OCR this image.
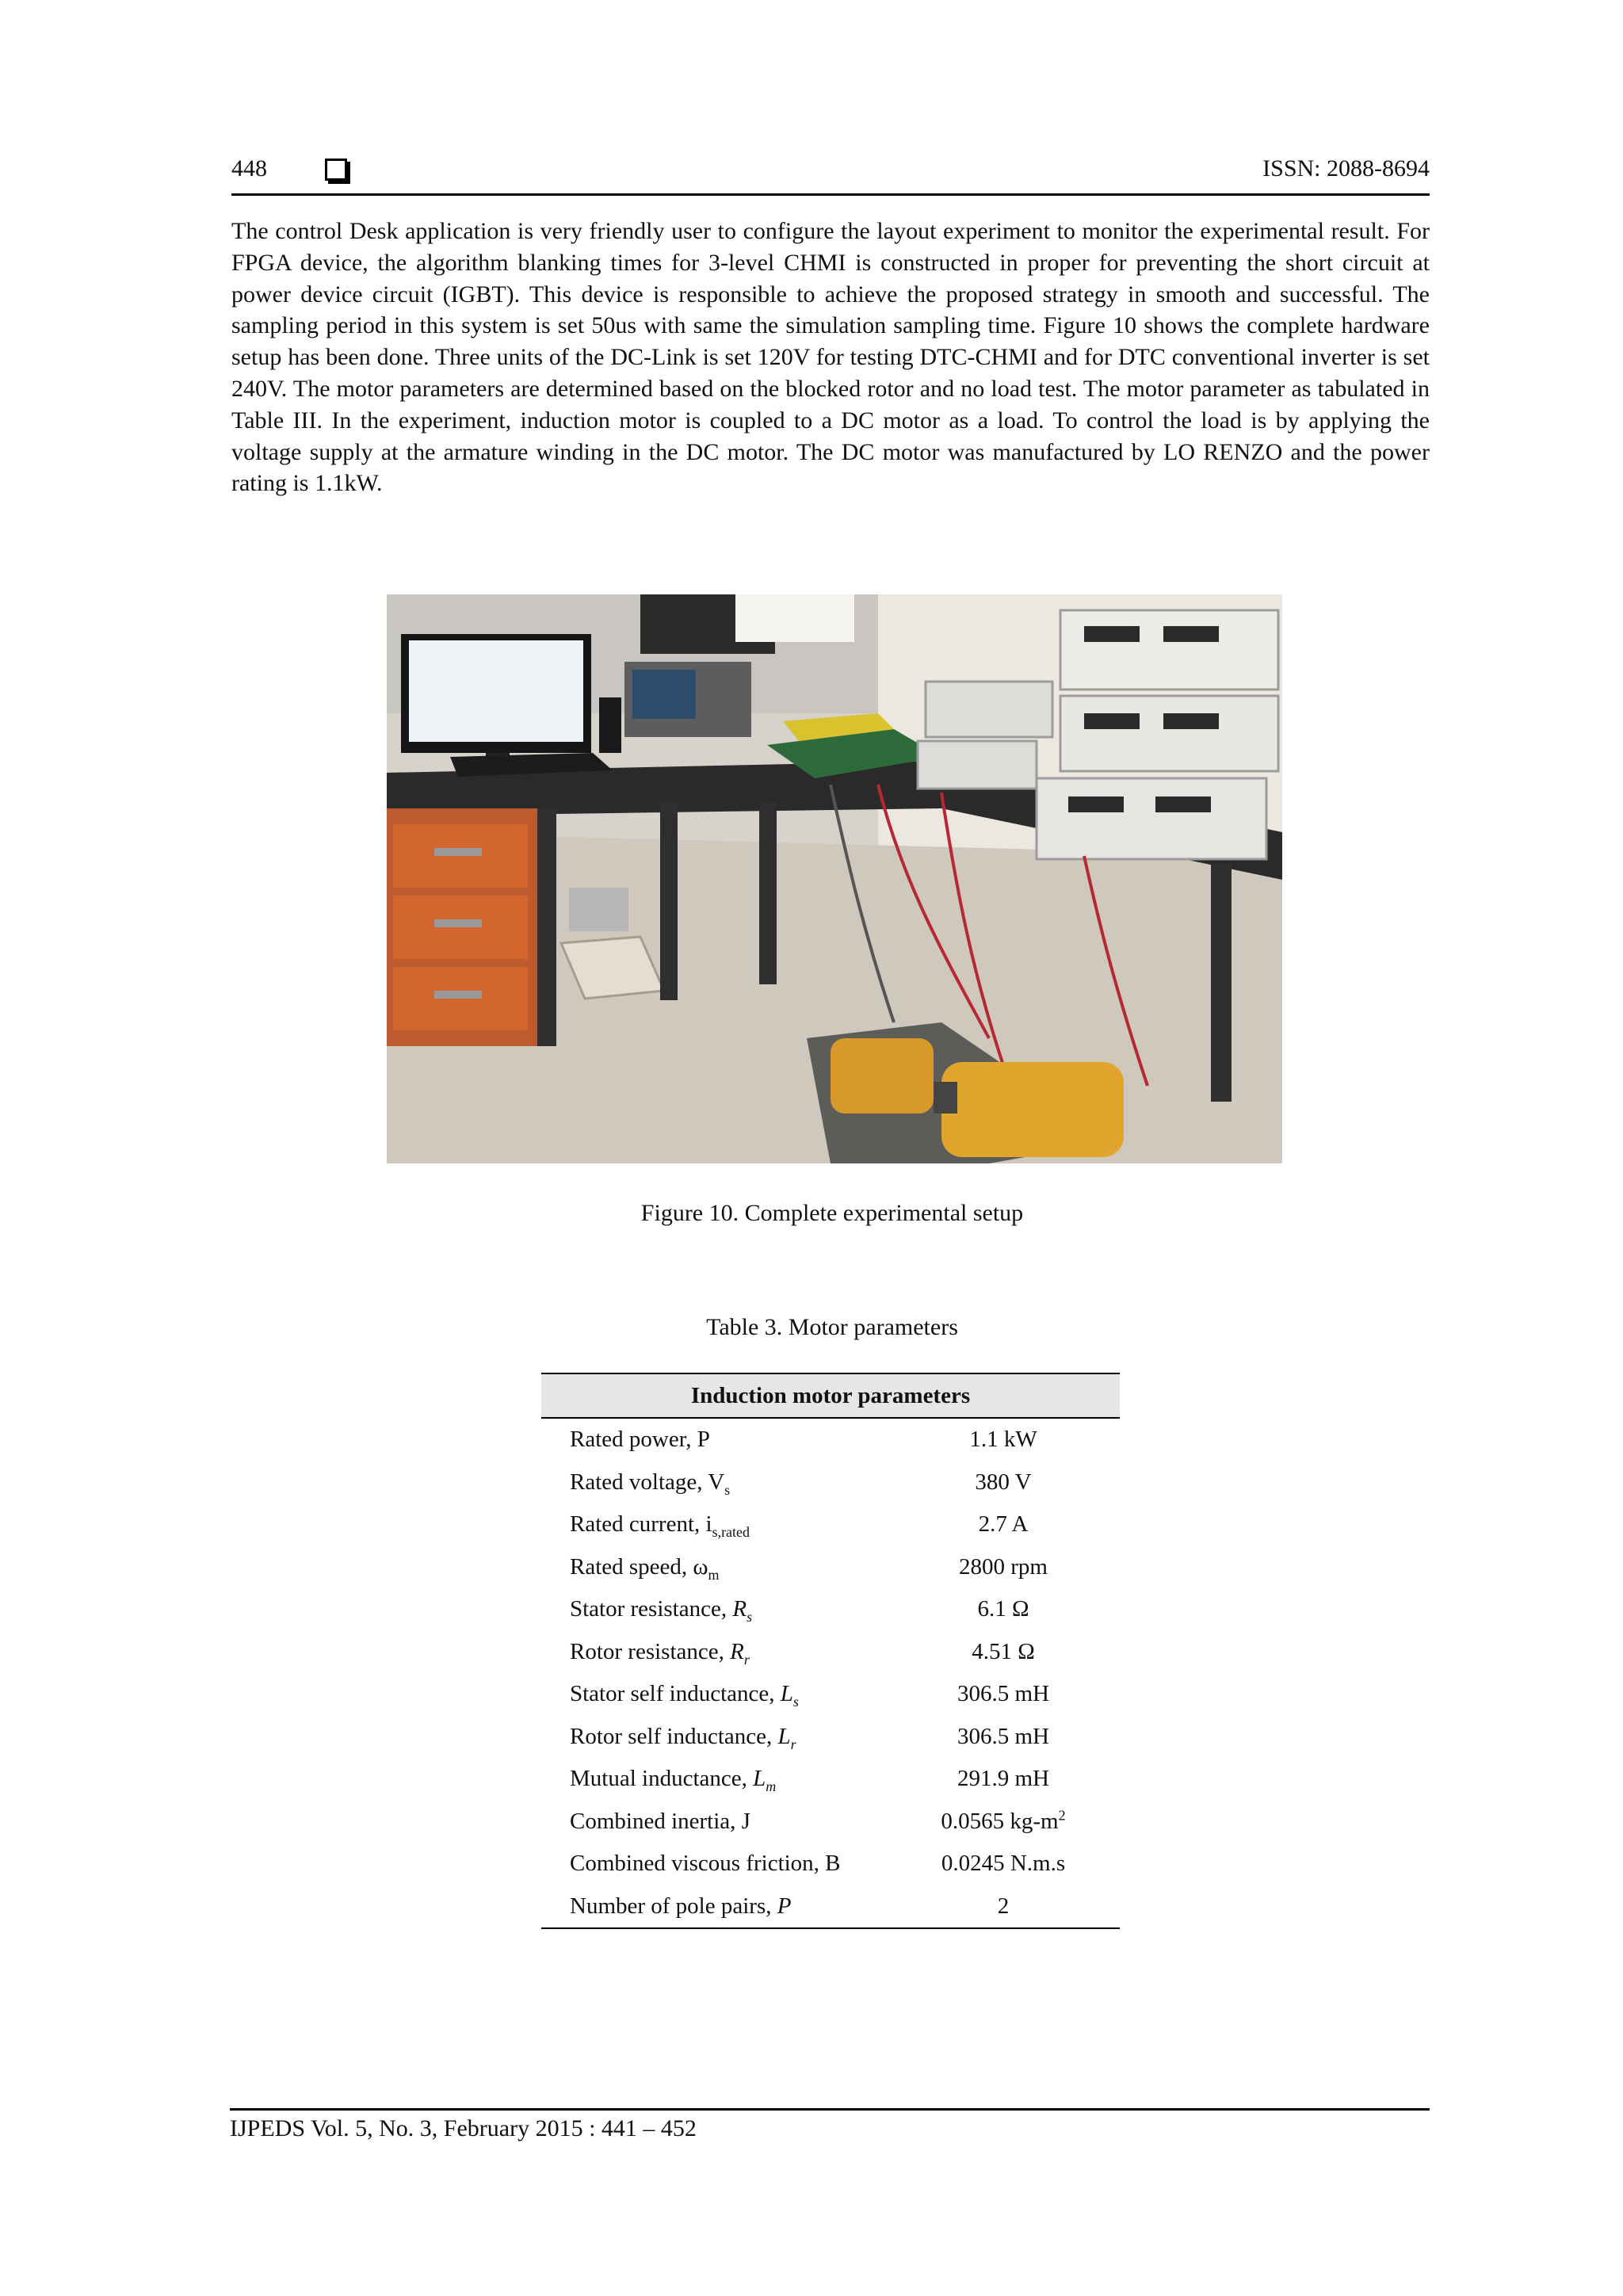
448	ISSN: 2088-8694

The control Desk application is very friendly user to configure the layout experiment to monitor the experimental result. For FPGA device, the algorithm blanking times for 3-level CHMI is constructed in proper for preventing the short circuit at power device circuit (IGBT). This device is responsible to achieve the proposed strategy in smooth and successful. The sampling period in this system is set 50us with same the simulation sampling time. Figure 10 shows the complete hardware setup has been done. Three units of the DC-Link is set 120V for testing DTC-CHMI and for DTC conventional inverter is set 240V. The motor parameters are determined based on the blocked rotor and no load test. The motor parameter as tabulated in Table III. In the experiment, induction motor is coupled to a DC motor as a load. To control the load is by applying the voltage supply at the armature winding in the DC motor. The DC motor was manufactured by LO RENZO and the power rating is 1.1kW.

Figure 10. Complete experimental setup
Table 3. Motor parameters
Induction motor parameters	
Rated power, P	1.1 kW
Rated voltage, $V_s$	380 V
Rated current, $i_{s,rated}$	2.7 A
Rated speed, $\omega_m$	2800 rpm
Stator resistance, $R_s$	6.1 Ω
Rotor resistance, $R_r$	4.51 Ω
Stator self inductance, $L_s$	306.5 mH
Rotor self inductance, $L_r$	306.5 mH
Mutual inductance, $L_m$	291.9 mH
Combined inertia, J	0.0565 $kg-m^2$
Combined viscous friction, B	0.0245 N.m.s
Number of pole pairs, P	2
IJPEDS Vol. 5, No. 3, February 2015 : 441 – 452
